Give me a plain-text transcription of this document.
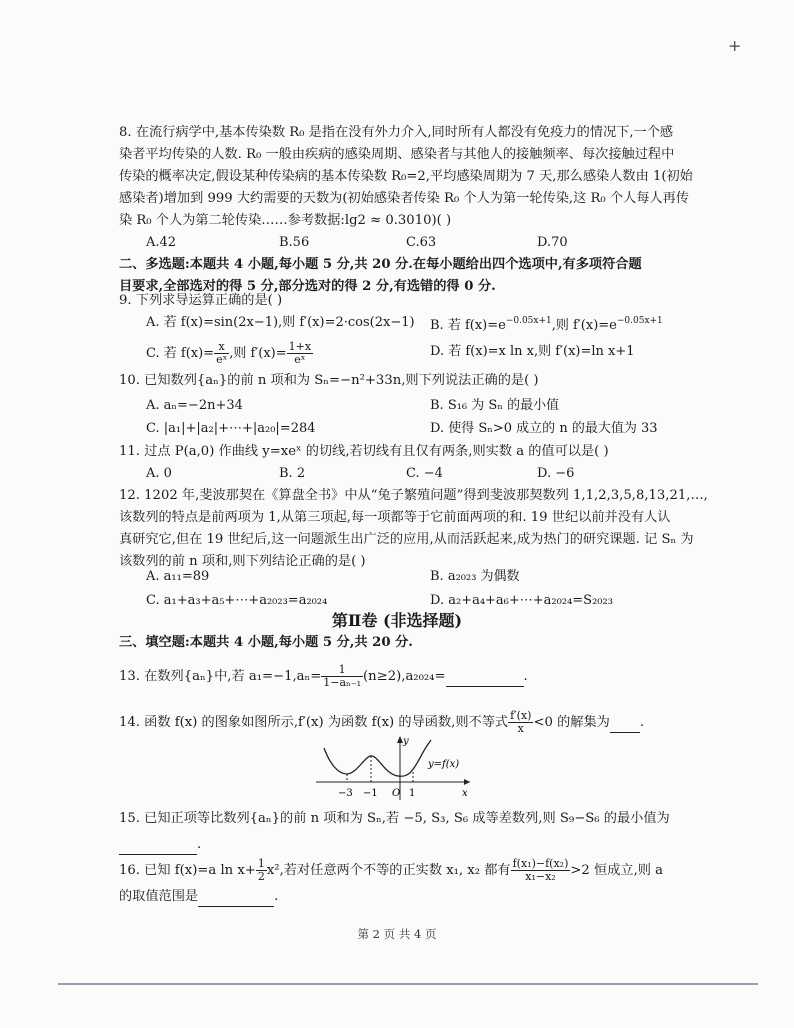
+
8. 在流行病学中,基本传染数 R₀ 是指在没有外力介入,同时所有人都没有免疫力的情况下,一个感
染者平均传染的人数. R₀ 一般由疾病的感染周期、感染者与其他人的接触频率、每次接触过程中
传染的概率决定,假设某种传染病的基本传染数 R₀=2,平均感染周期为 7 天,那么感染人数由 1(初始
感染者)增加到 999 大约需要的天数为(初始感染者传染 R₀ 个人为第一轮传染,这 R₀ 个人每人再传
染 R₀ 个人为第二轮传染……参考数据:lg2 ≈ 0.3010)( )
A.42	B.56	C.63	D.70
二、多选题:本题共 4 小题,每小题 5 分,共 20 分.在每小题给出四个选项中,有多项符合题
目要求,全部选对的得 5 分,部分选对的得 2 分,有选错的得 0 分.
9. 下列求导运算正确的是( )
A. 若 f(x)=sin(2x−1),则 f′(x)=2·cos(2x−1) B. 若 $f(x)=e^{-0.05x+1}$,则 $f'(x)=e^{-0.05x+1}$
C. 若 $f(x)= \frac{x}{\text{eˣ}}$ ,则 $f'(x)= \frac{1+x}{\text{eˣ}}$	D. 若 f(x)=x ln x,则 f′(x)=ln x+1
10. 已知数列{aₙ}的前 n 项和为 Sₙ=−n²+33n,则下列说法正确的是( )
A. aₙ=−2n+34	B. S₁₆ 为 Sₙ 的最小值
C. |a₁|+|a₂|+⋯+|a₂₀|=284	D. 使得 Sₙ>0 成立的 n 的最大值为 33
11. 过点 P(a,0) 作曲线 y=xeˣ 的切线,若切线有且仅有两条,则实数 a 的值可以是( )
A. 0	B. 2	C. −4	D. −6
12. 1202 年,斐波那契在《算盘全书》中从“兔子繁殖问题”得到斐波那契数列 1,1,2,3,5,8,13,21,…,
该数列的特点是前两项为 1,从第三项起,每一项都等于它前面两项的和. 19 世纪以前并没有人认
真研究它,但在 19 世纪后,这一问题派生出广泛的应用,从而活跃起来,成为热门的研究课题. 记 Sₙ 为
该数列的前 n 项和,则下列结论正确的是( )
A. a₁₁=89	B. a₂₀₂₃ 为偶数
C. a₁+a₃+a₅+⋯+a₂₀₂₃=a₂₀₂₄	D. a₂+a₄+a₆+⋯+a₂₀₂₄=S₂₀₂₃
第Ⅱ卷 (非选择题)
三、填空题:本题共 4 小题,每小题 5 分,共 20 分.
13. 在数列{aₙ}中,若 $a_1=-1,a_n= \frac{1}{\text{1−aₙ₋₁}} (n\ge 2),a_{2024}=$	.
14. 函数 f(x) 的图象如图所示,f′(x) 为函数 f(x) 的导函数,则不等式 $\frac{f'(x)}{x} <0$ 的解集为 .
−3 −1 O 1	x
y
y=f(x)
15. 已知正项等比数列{aₙ}的前 n 项和为 Sₙ,若 −5, S₃, S₆ 成等差数列,则 S₉−S₆ 的最小值为
.
16. 已知 f(x)=a $\ln x+ \frac{1}{2} x^2$,若对任意两个不等的正实数 x₁, x₂ 都有 $\frac{\text{f(x₁)−f(x₂)}}{\text{x₁−x₂}} >2$ 恒成立,则 a
的取值范围是	.
第 2 页 共 4 页
